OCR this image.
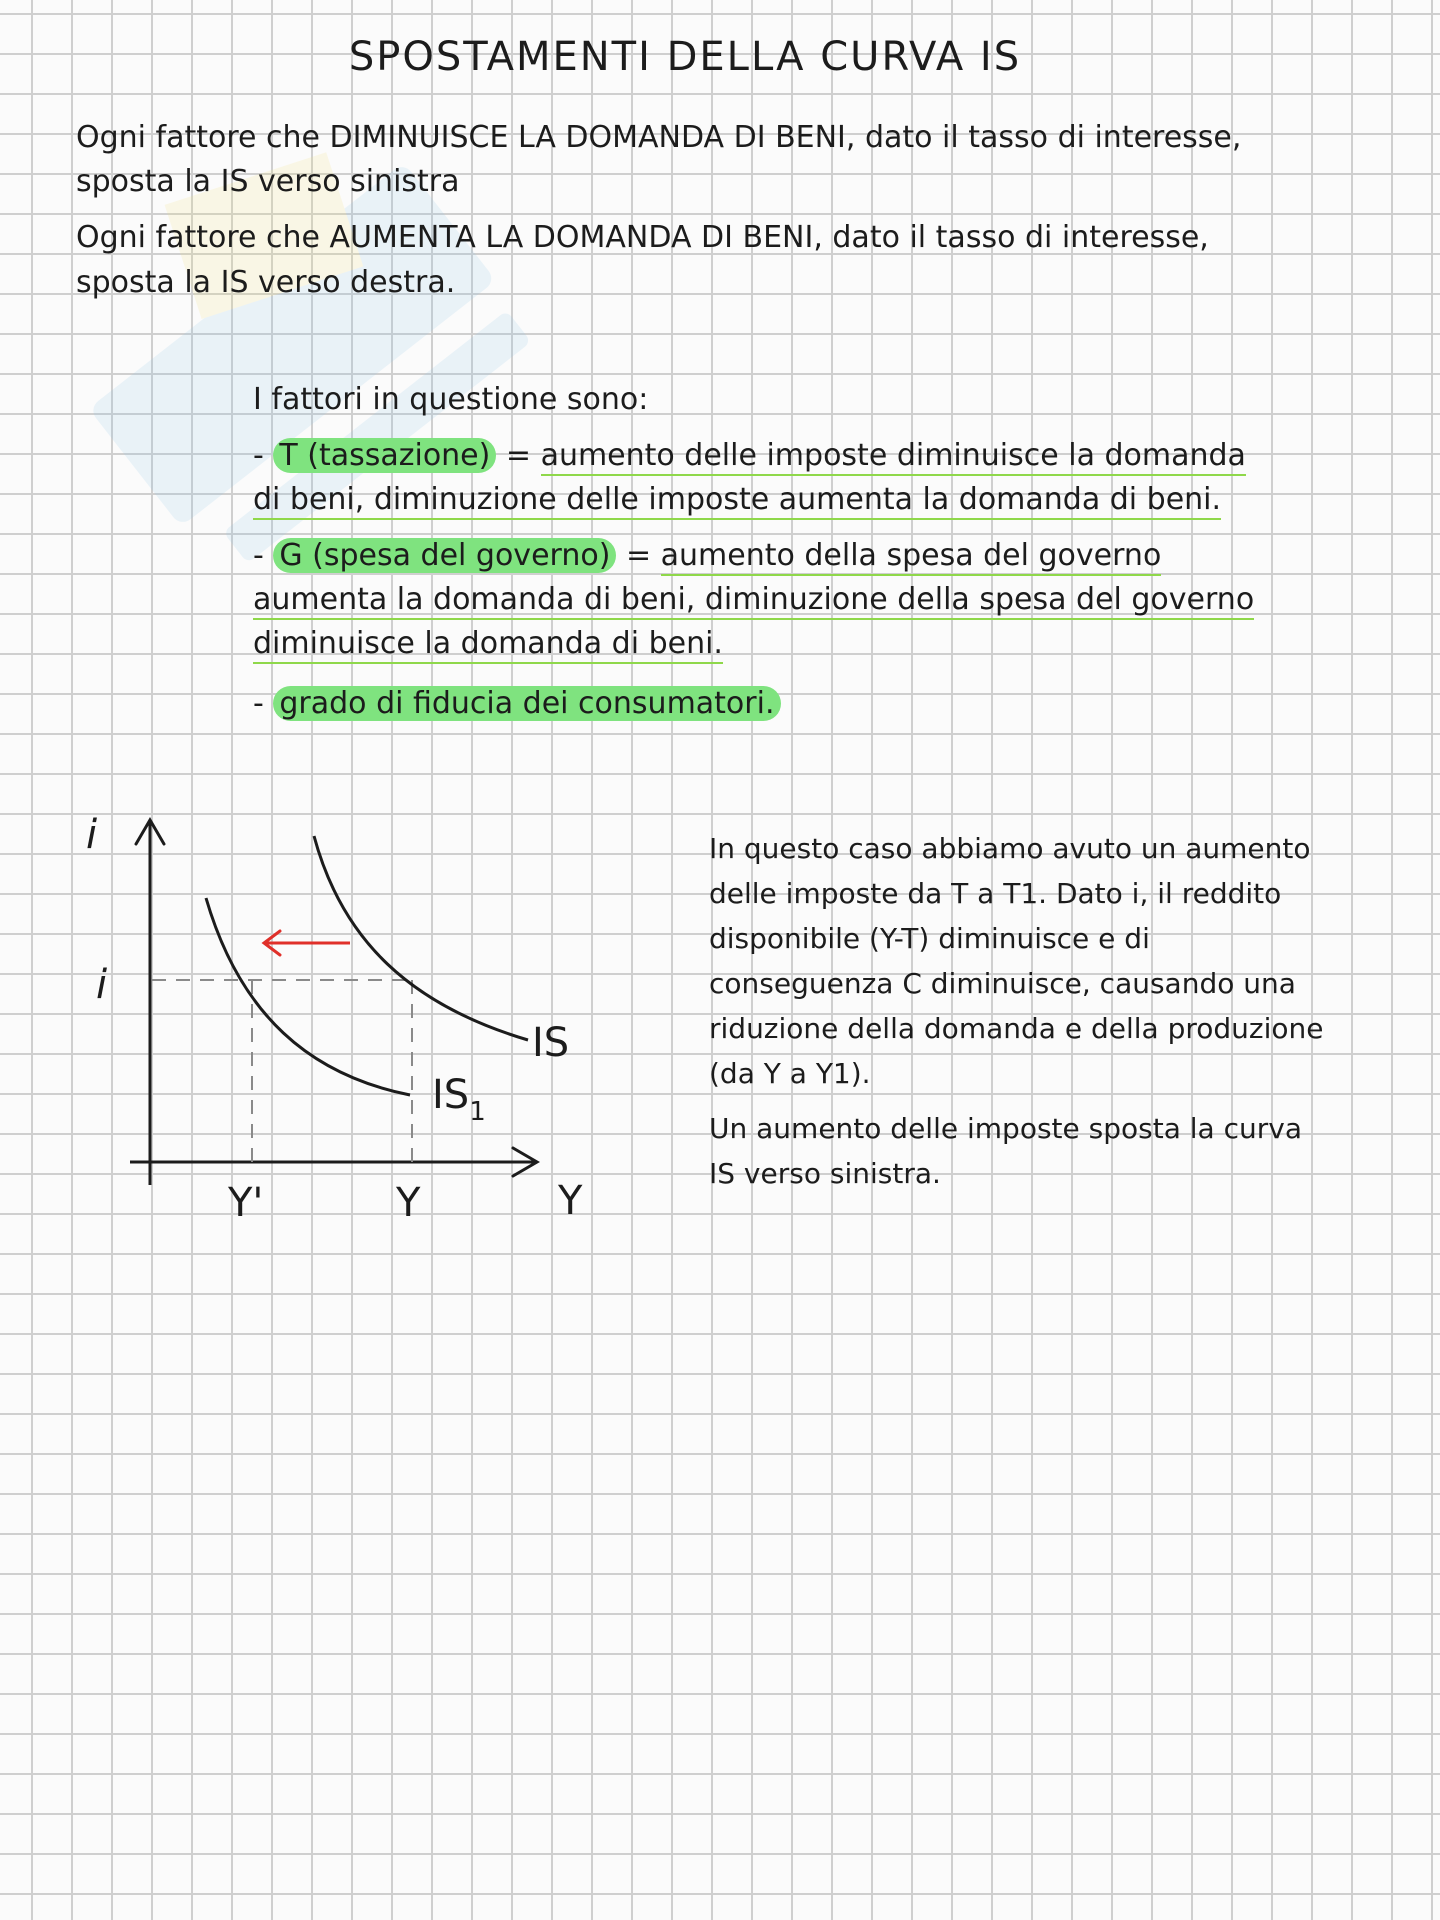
SPOSTAMENTI DELLA CURVA IS
Ogni fattore che DIMINUISCE LA DOMANDA DI BENI, dato il tasso di interesse,
sposta la IS verso sinistra
Ogni fattore che AUMENTA LA DOMANDA DI BENI, dato il tasso di interesse,
sposta la IS verso destra.
I fattori in questione sono:
- T (tassazione) = aumento delle imposte diminuisce la domanda
di beni, diminuzione delle imposte aumenta la domanda di beni.
- G (spesa del governo) = aumento della spesa del governo
aumenta la domanda di beni, diminuzione della spesa del governo
diminuisce la domanda di beni.
- grado di fiducia dei consumatori.
i
i
IS
$IS_1$
Y
Y'	Y
In questo caso abbiamo avuto un aumento
delle imposte da T a T1. Dato i, il reddito
disponibile (Y-T) diminuisce e di
conseguenza C diminuisce, causando una
riduzione della domanda e della produzione
(da Y a Y1).
Un aumento delle imposte sposta la curva
IS verso sinistra.
